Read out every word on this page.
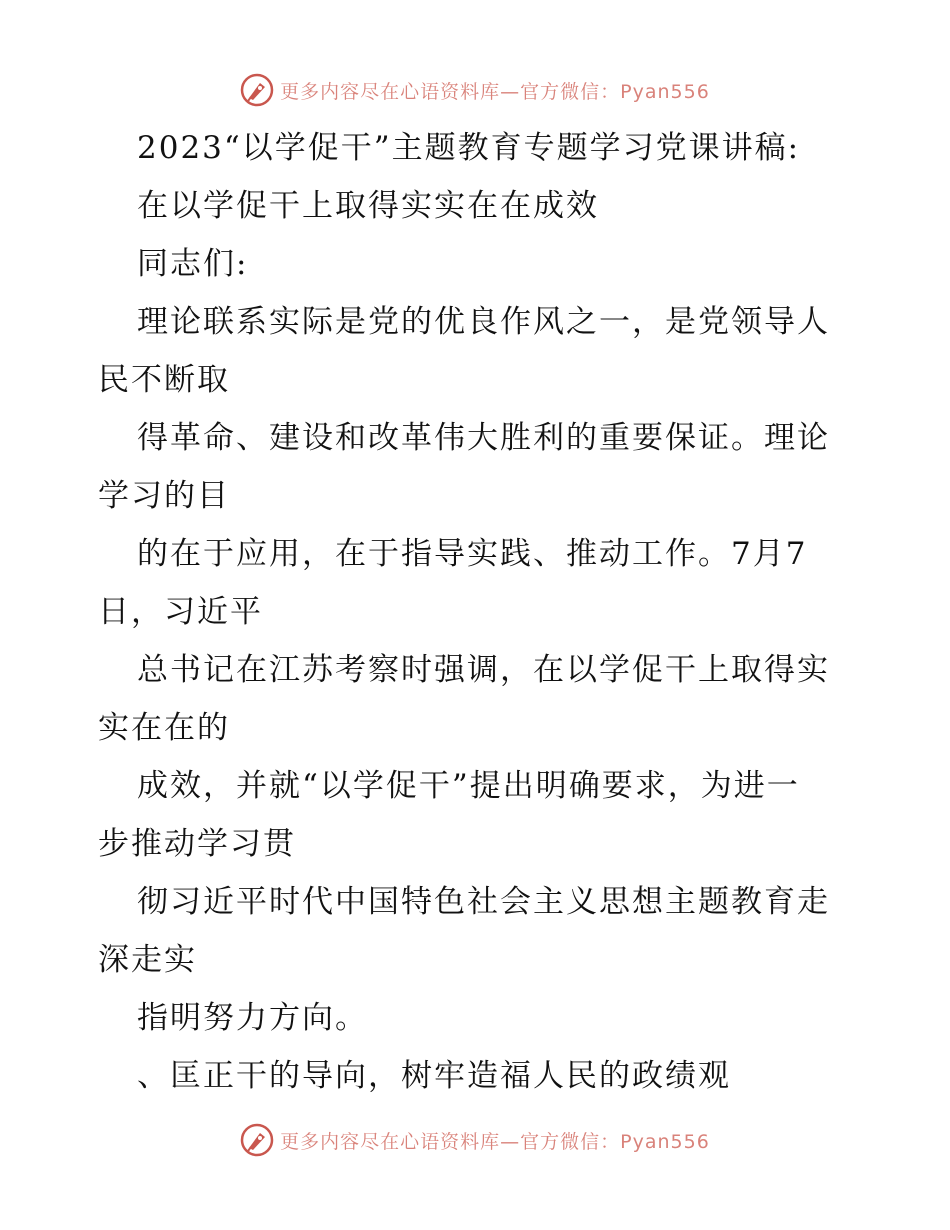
更多内容尽在心语资料库—官方微信：Pyan556
2023“以学促干”主题教育专题学习党课讲稿:
在以学促干上取得实实在在成效
同志们:
理论联系实际是党的优良作风之一，是党领导人
民不断取
得革命、建设和改革伟大胜利的重要保证。理论
学习的目
的在于应用，在于指导实践、推动工作。7月7
日，习近平
总书记在江苏考察时强调，在以学促干上取得实
实在在的
成效，并就“以学促干”提出明确要求，为进一
步推动学习贯
彻习近平时代中国特色社会主义思想主题教育走
深走实
指明努力方向。
、匡正干的导向，树牢造福人民的政绩观
更多内容尽在心语资料库—官方微信：Pyan556
